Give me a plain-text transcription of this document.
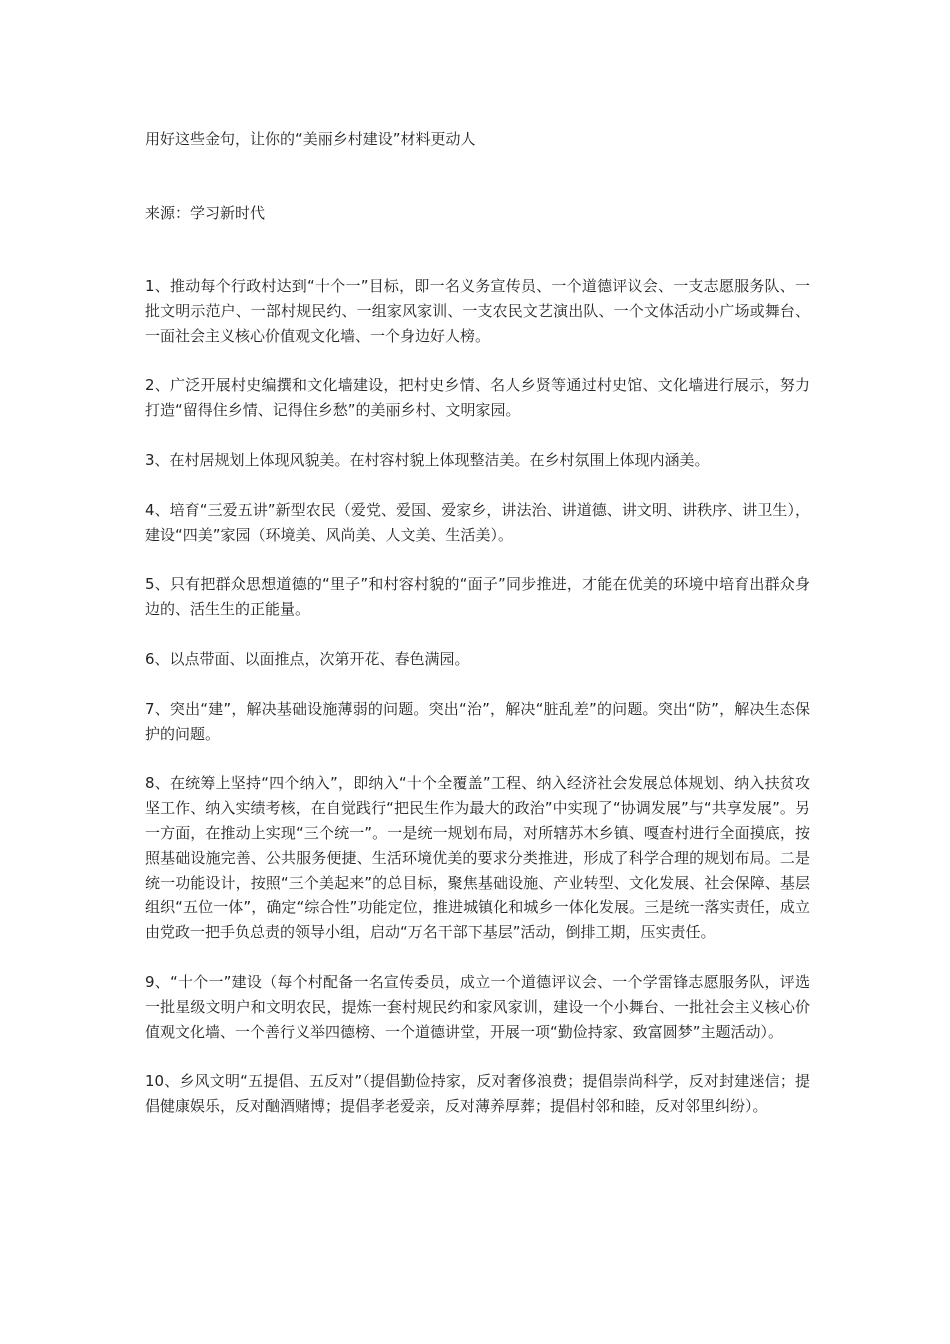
用好这些金句，让你的“美丽乡村建设”材料更动人
来源：学习新时代

1、推动每个行政村达到“十个一”目标，即一名义务宣传员、一个道德评议会、一支志愿服务队、一批文明示范户、一部村规民约、一组家风家训、一支农民文艺演出队、一个文体活动小广场或舞台、一面社会主义核心价值观文化墙、一个身边好人榜。

2、广泛开展村史编撰和文化墙建设，把村史乡情、名人乡贤等通过村史馆、文化墙进行展示，努力打造“留得住乡情、记得住乡愁”的美丽乡村、文明家园。

3、在村居规划上体现风貌美。在村容村貌上体现整洁美。在乡村氛围上体现内涵美。

4、培育“三爱五讲”新型农民（爱党、爱国、爱家乡，讲法治、讲道德、讲文明、讲秩序、讲卫生），建设“四美”家园（环境美、风尚美、人文美、生活美）。

5、只有把群众思想道德的“里子”和村容村貌的“面子”同步推进，才能在优美的环境中培育出群众身边的、活生生的正能量。

6、以点带面、以面推点，次第开花、春色满园。

7、突出“建”，解决基础设施薄弱的问题。突出“治”，解决“脏乱差”的问题。突出“防”，解决生态保护的问题。

8、在统筹上坚持“四个纳入”，即纳入“十个全覆盖”工程、纳入经济社会发展总体规划、纳入扶贫攻坚工作、纳入实绩考核，在自觉践行“把民生作为最大的政治”中实现了“协调发展”与“共享发展”。另一方面，在推动上实现“三个统一”。一是统一规划布局，对所辖苏木乡镇、嘎查村进行全面摸底，按照基础设施完善、公共服务便捷、生活环境优美的要求分类推进，形成了科学合理的规划布局。二是统一功能设计，按照“三个美起来”的总目标，聚焦基础设施、产业转型、文化发展、社会保障、基层组织“五位一体”，确定“综合性”功能定位，推进城镇化和城乡一体化发展。三是统一落实责任，成立由党政一把手负总责的领导小组，启动“万名干部下基层”活动，倒排工期，压实责任。

9、“十个一”建设（每个村配备一名宣传委员，成立一个道德评议会、一个学雷锋志愿服务队，评选一批星级文明户和文明农民，提炼一套村规民约和家风家训，建设一个小舞台、一批社会主义核心价值观文化墙、一个善行义举四德榜、一个道德讲堂，开展一项“勤俭持家、致富圆梦”主题活动）。

10、乡风文明“五提倡、五反对”（提倡勤俭持家，反对奢侈浪费；提倡崇尚科学，反对封建迷信；提倡健康娱乐，反对酗酒赌博；提倡孝老爱亲，反对薄养厚葬；提倡村邻和睦，反对邻里纠纷）。
